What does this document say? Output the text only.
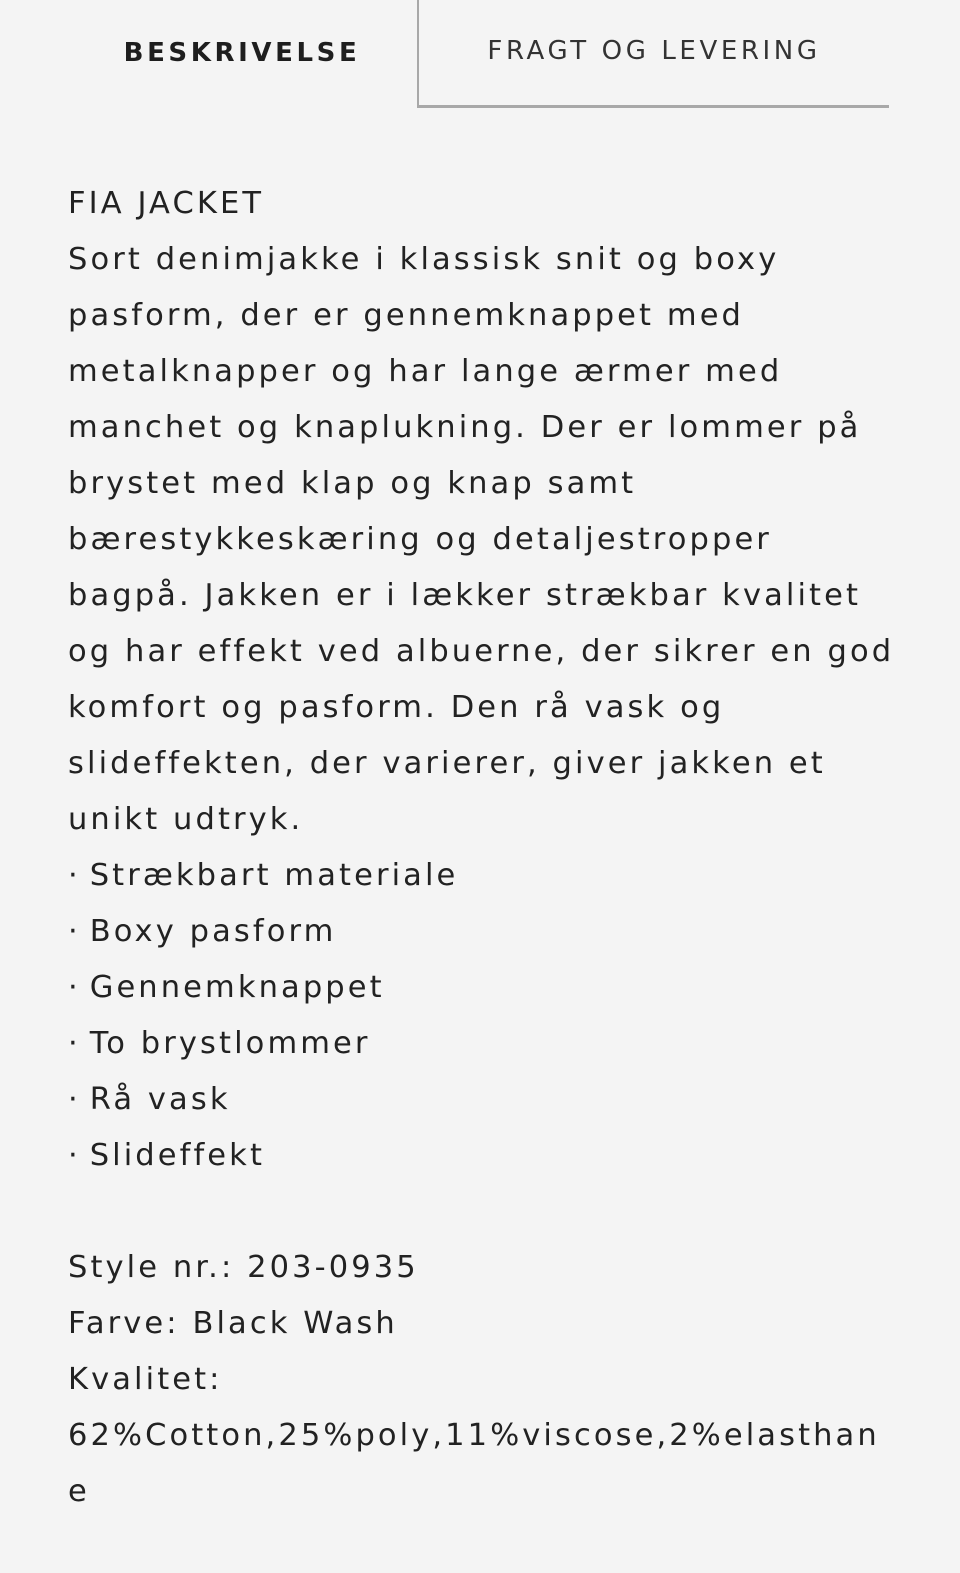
BESKRIVELSE	FRAGT OG LEVERING

FIA JACKET

Sort denimjakke i klassisk snit og boxy pasform, der er gennemknappet med metalknapper og har lange ærmer med manchet og knaplukning. Der er lommer på brystet med klap og knap samt bærestykkeskæring og detaljestropper bagpå. Jakken er i lækker strækbar kvalitet og har effekt ved albuerne, der sikrer en god komfort og pasform. Den rå vask og slideffekten, der varierer, giver jakken et unikt udtryk.

· Strækbart materiale
· Boxy pasform
· Gennemknappet
· To brystlommer
· Rå vask
· Slideffekt

Style nr.: 203-0935

Farve: Black Wash

Kvalitet:

62%Cotton,25%poly,11%viscose,2%elasthane
